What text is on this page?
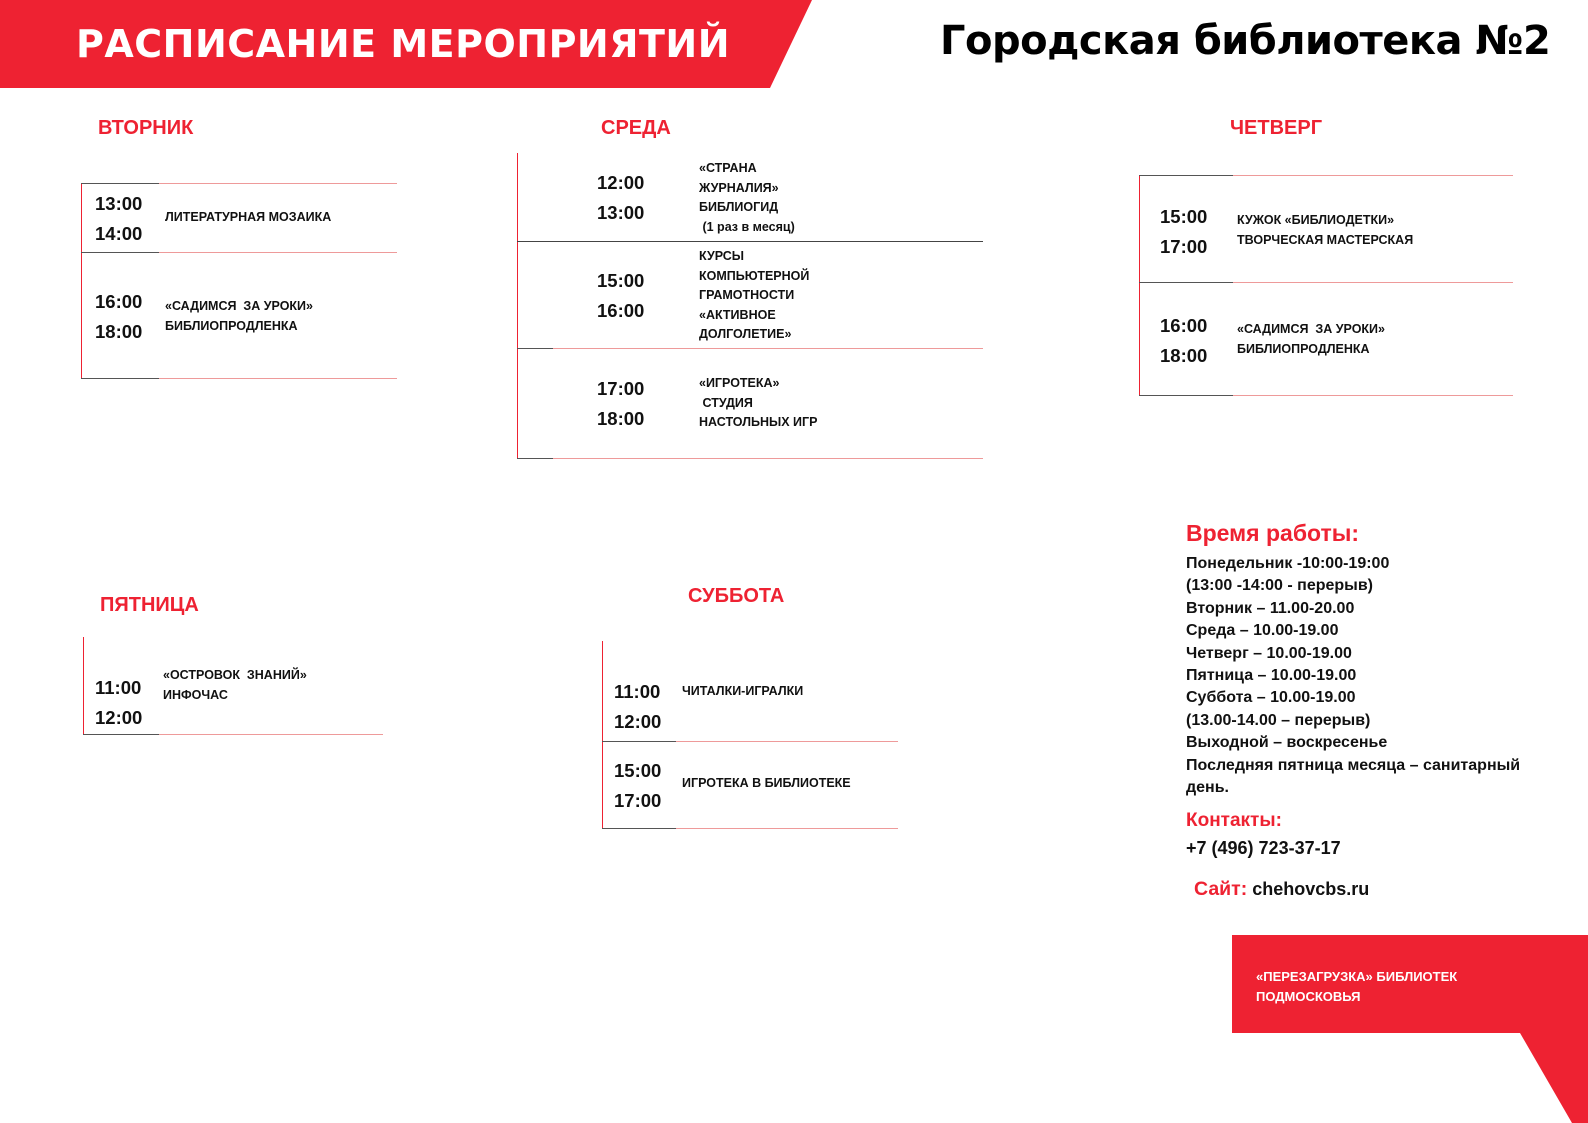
РАСПИСАНИЕ МЕРОПРИЯТИЙ	Городская библиотека №2
ВТОРНИК
13:00
14:00
ЛИТЕРАТУРНАЯ МОЗАИКА
16:00
18:00
«САДИМСЯ  ЗА УРОКИ»
БИБЛИОПРОДЛЕНКА
СРЕДА
12:00
13:00
«СТРАНА
ЖУРНАЛИЯ»
БИБЛИОГИД
(1 раз в месяц)
15:00
16:00
КУРСЫ
КОМПЬЮТЕРНОЙ
ГРАМОТНОСТИ
«АКТИВНОЕ
ДОЛГОЛЕТИЕ»
17:00
18:00
«ИГРОТЕКА»
СТУДИЯ
НАСТОЛЬНЫХ ИГР
ЧЕТВЕРГ
15:00
17:00
КУЖОК «БИБЛИОДЕТКИ»
ТВОРЧЕСКАЯ МАСТЕРСКАЯ
16:00
18:00
«САДИМСЯ  ЗА УРОКИ»
БИБЛИОПРОДЛЕНКА
ПЯТНИЦА
11:00
12:00
«ОСТРОВОК  ЗНАНИЙ»
ИНФОЧАС
СУББОТА
11:00
12:00
ЧИТАЛКИ-ИГРАЛКИ
15:00
17:00
ИГРОТЕКА В БИБЛИОТЕКЕ
Время работы:
Понедельник -10:00-19:00
(13:00 -14:00 - перерыв)
Вторник – 11.00-20.00
Среда – 10.00-19.00
Четверг – 10.00-19.00
Пятница – 10.00-19.00
Суббота – 10.00-19.00
(13.00-14.00 – перерыв)
Выходной – воскресенье
Последняя пятница месяца – санитарный
день.
Контакты:
+7 (496) 723-37-17
Сайт: chehovcbs.ru
«ПЕРЕЗАГРУЗКА» БИБЛИОТЕК
ПОДМОСКОВЬЯ
